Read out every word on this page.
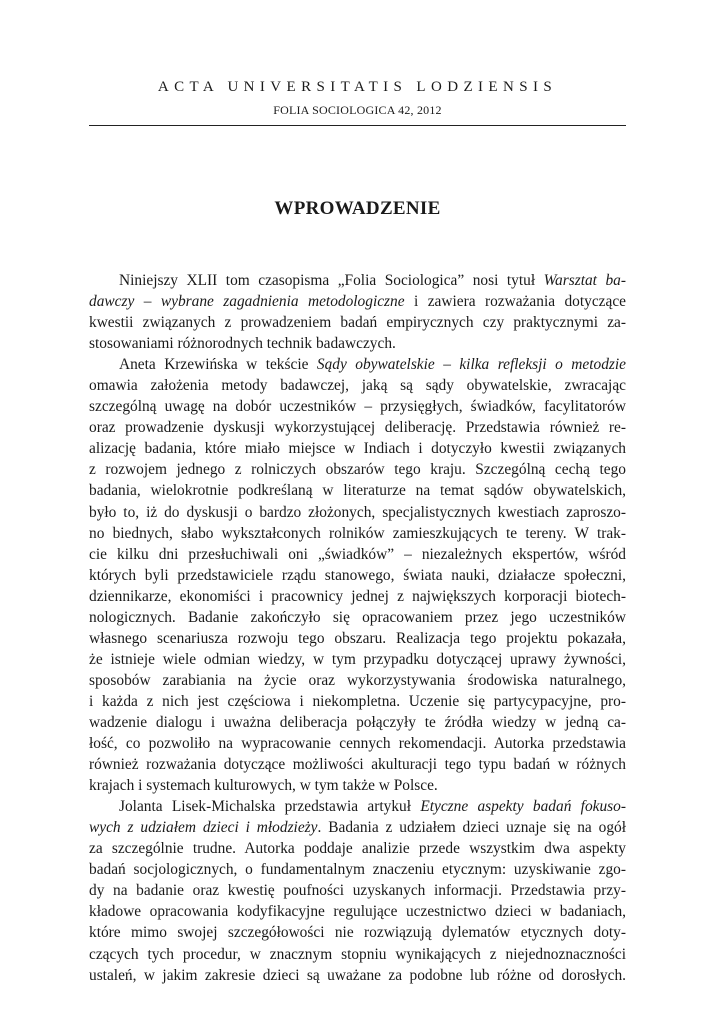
ACTA UNIVERSITATIS LODZIENSIS
FOLIA SOCIOLOGICA 42, 2012
WPROWADZENIE
Niniejszy XLII tom czasopisma „Folia Sociologica” nosi tytuł Warsztat ba-
dawczy – wybrane zagadnienia metodologiczne i zawiera rozważania dotyczące
kwestii związanych z prowadzeniem badań empirycznych czy praktycznymi za-
stosowaniami różnorodnych technik badawczych.
Aneta Krzewińska w tekście Sądy obywatelskie – kilka refleksji o metodzie
omawia założenia metody badawczej, jaką są sądy obywatelskie, zwracając
szczególną uwagę na dobór uczestników – przysięgłych, świadków, facylitatorów
oraz prowadzenie dyskusji wykorzystującej deliberację. Przedstawia również re-
alizację badania, które miało miejsce w Indiach i dotyczyło kwestii związanych
z rozwojem jednego z rolniczych obszarów tego kraju. Szczególną cechą tego
badania, wielokrotnie podkreślaną w literaturze na temat sądów obywatelskich,
było to, iż do dyskusji o bardzo złożonych, specjalistycznych kwestiach zaproszo-
no biednych, słabo wykształconych rolników zamieszkujących te tereny. W trak-
cie kilku dni przesłuchiwali oni „świadków” – niezależnych ekspertów, wśród
których byli przedstawiciele rządu stanowego, świata nauki, działacze społeczni,
dziennikarze, ekonomiści i pracownicy jednej z największych korporacji biotech-
nologicznych. Badanie zakończyło się opracowaniem przez jego uczestników
własnego scenariusza rozwoju tego obszaru. Realizacja tego projektu pokazała,
że istnieje wiele odmian wiedzy, w tym przypadku dotyczącej uprawy żywności,
sposobów zarabiania na życie oraz wykorzystywania środowiska naturalnego,
i każda z nich jest częściowa i niekompletna. Uczenie się partycypacyjne, pro-
wadzenie dialogu i uważna deliberacja połączyły te źródła wiedzy w jedną ca-
łość, co pozwoliło na wypracowanie cennych rekomendacji. Autorka przedstawia
również rozważania dotyczące możliwości akulturacji tego typu badań w różnych
krajach i systemach kulturowych, w tym także w Polsce.
Jolanta Lisek-Michalska przedstawia artykuł Etyczne aspekty badań fokuso-
wych z udziałem dzieci i młodzieży. Badania z udziałem dzieci uznaje się na ogół
za szczególnie trudne. Autorka poddaje analizie przede wszystkim dwa aspekty
badań socjologicznych, o fundamentalnym znaczeniu etycznym: uzyskiwanie zgo-
dy na badanie oraz kwestię poufności uzyskanych informacji. Przedstawia przy-
kładowe opracowania kodyfikacyjne regulujące uczestnictwo dzieci w badaniach,
które mimo swojej szczegółowości nie rozwiązują dylematów etycznych doty-
czących tych procedur, w znacznym stopniu wynikających z niejednoznaczności
ustaleń, w jakim zakresie dzieci są uważane za podobne lub różne od dorosłych.
